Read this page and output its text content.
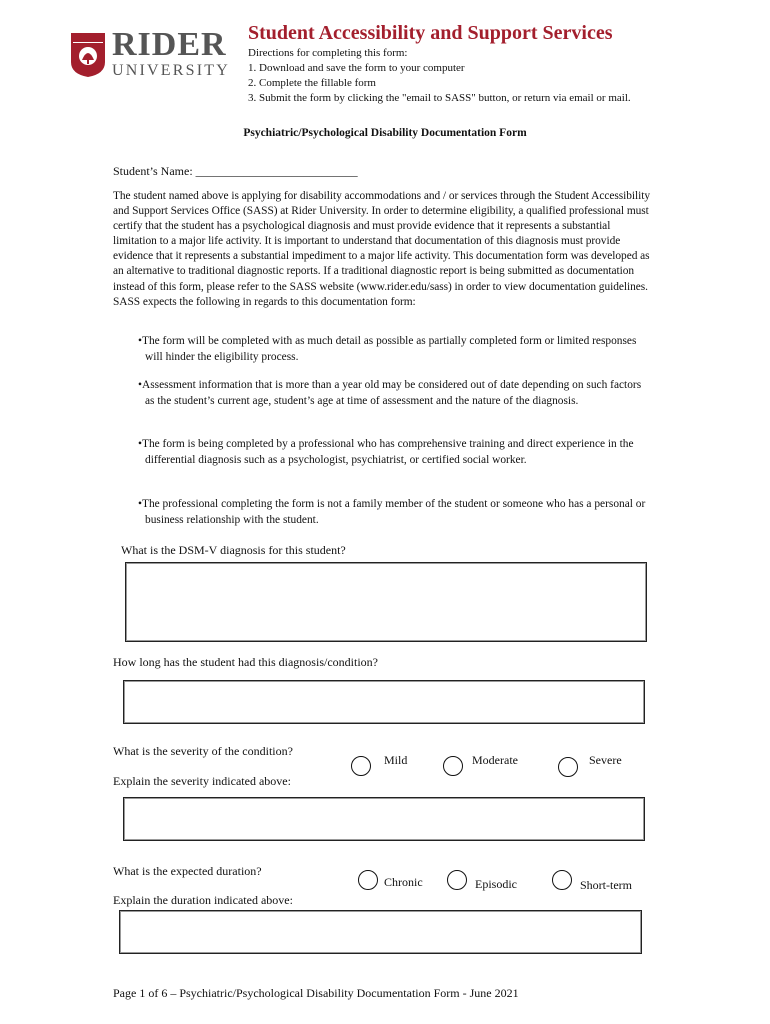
1865 RIDER
UNIVERSITY
Student Accessibility and Support Services
Directions for completing this form:
1. Download and save the form to your computer
2. Complete the fillable form
3. Submit the form by clicking the "email to SASS" button, or return via email or mail.
Psychiatric/Psychological Disability Documentation Form
Student’s Name: ___________________________
The student named above is applying for disability accommodations and / or services through the Student Accessibility and Support Services Office (SASS) at Rider University. In order to determine eligibility, a qualified professional must certify that the student has a psychological diagnosis and must provide evidence that it represents a substantial limitation to a major life activity. It is important to understand that documentation of this diagnosis must provide evidence that it represents a substantial impediment to a major life activity. This documentation form was developed as an alternative to traditional diagnostic reports. If a traditional diagnostic report is being submitted as documentation instead of this form, please refer to the SASS website (www.rider.edu/sass) in order to view documentation guidelines. SASS expects the following in regards to this documentation form:
•The form will be completed with as much detail as possible as partially completed form or limited responses will hinder the eligibility process.
•Assessment information that is more than a year old may be considered out of date depending on such factors as the student’s current age, student’s age at time of assessment and the nature of the diagnosis.
•The form is being completed by a professional who has comprehensive training and direct experience in the differential diagnosis such as a psychologist, psychiatrist, or certified social worker.
•The professional completing the form is not a family member of the student or someone who has a personal or business relationship with the student.
What is the DSM-V diagnosis for this student?
How long has the student had this diagnosis/condition?
What is the severity of the condition?
Mild	Moderate	Severe
Explain the severity indicated above:
What is the expected duration?
Chronic	Episodic	Short-term
Explain the duration indicated above:
Page 1 of 6 – Psychiatric/Psychological Disability Documentation Form - June 2021
